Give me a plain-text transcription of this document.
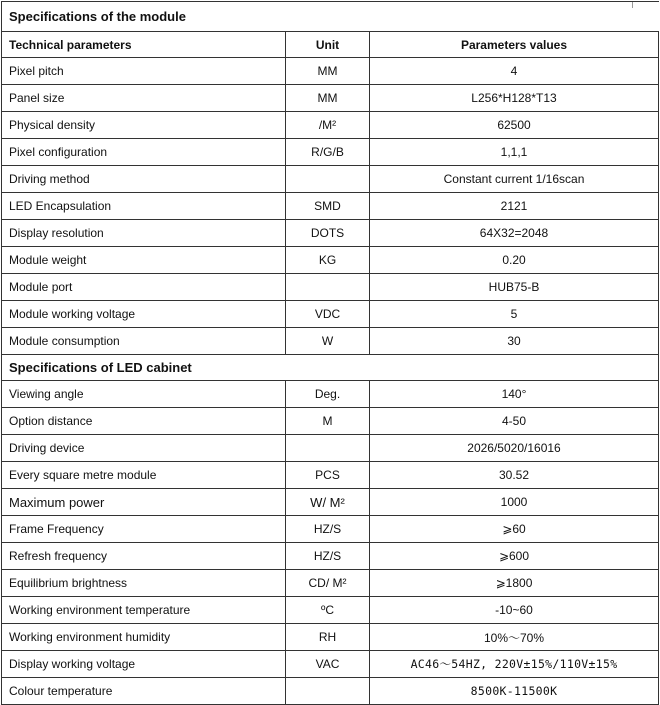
Specifications of the module		

Technical parameters	Unit	Parameters values
Pixel pitch	MM	4
Panel size	MM	L256*H128*T13
Physical density	/M²	62500
Pixel configuration	R/G/B	1,1,1
Driving method		Constant current 1/16scan
LED Encapsulation	SMD	2121
Display resolution	DOTS	64X32=2048
Module weight	KG	0.20
Module port		HUB75-B
Module working voltage	VDC	5
Module consumption	W	30
Specifications of LED cabinet		
Viewing angle	Deg.	140°
Option distance	M	4-50
Driving device		2026/5020/16016
Every square metre module	PCS	30.52
Maximum power	W/ M²	1000
Frame Frequency	HZ/S	⩾60
Refresh frequency	HZ/S	⩾600
Equilibrium brightness	CD/ M²	⩾1800
Working environment temperature	ºC	-10~60
Working environment humidity	RH	10%～70%
Display working voltage	VAC	AC46～54HZ, 220V±15%/110V±15%
Colour temperature		8500K-11500K
